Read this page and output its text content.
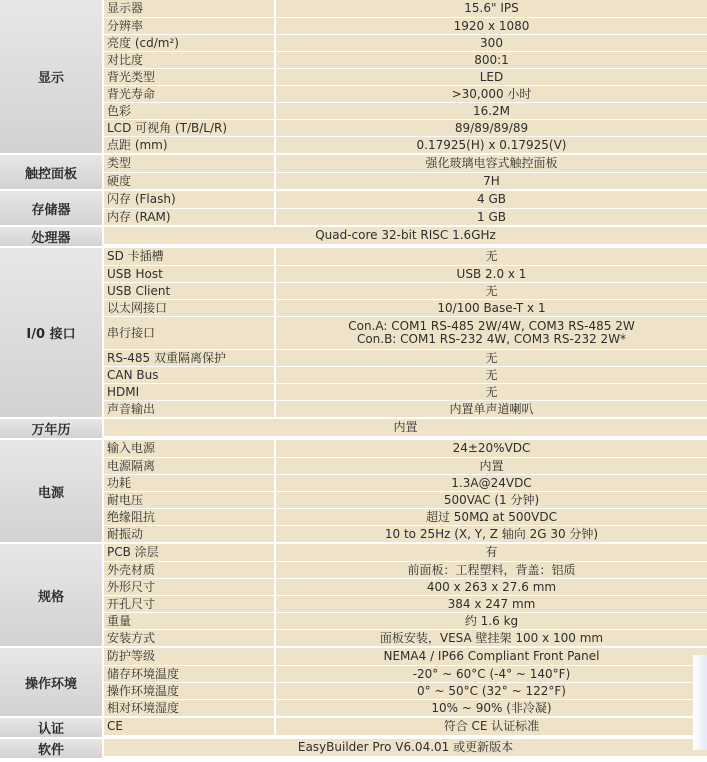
显示
显示器	15.6" IPS
分辨率	1920 x 1080
亮度 (cd/m²)	300
对比度	800:1
背光类型	LED
背光寿命	>30,000 小时
色彩	16.2M
LCD 可视角 (T/B/L/R)	89/89/89/89
点距 (mm)	0.17925(H) x 0.17925(V)
触控面板
类型	强化玻璃电容式触控面板
硬度	7H
存储器
闪存 (Flash)	4 GB
内存 (RAM)	1 GB
处理器	Quad-core 32-bit RISC 1.6GHz
I/0 接口
SD 卡插槽	无
USB Host	USB 2.0 x 1
USB Client	无
以太网接口	10/100 Base-T x 1
串行接口	Con.A: COM1 RS-485 2W/4W, COM3 RS-485 2W
Con.B: COM1 RS-232 4W, COM3 RS-232 2W*
RS-485 双重隔离保护	无
CAN Bus	无
HDMI	无
声音输出	内置单声道喇叭
万年历	内置
电源
输入电源	24±20%VDC
电源隔离	内置
功耗	1.3A@24VDC
耐电压	500VAC (1 分钟)
绝缘阻抗	超过 50MΩ at 500VDC
耐振动	10 to 25Hz (X, Y, Z 轴向 2G 30 分钟)
规格
PCB 涂层	有
外壳材质	前面板：工程塑料，背盖：铝质
外形尺寸	400 x 263 x 27.6 mm
开孔尺寸	384 x 247 mm
重量	约 1.6 kg
安装方式	面板安装，VESA 壁挂架 100 x 100 mm
操作环境
防护等级	NEMA4 / IP66 Compliant Front Panel
储存环境温度	-20° ~ 60°C (-4° ~ 140°F)
操作环境温度	0° ~ 50°C (32° ~ 122°F)
相对环境湿度	10% ~ 90% (非冷凝)
认证	CE	符合 CE 认证标准
软件	EasyBuilder Pro V6.04.01 或更新版本
